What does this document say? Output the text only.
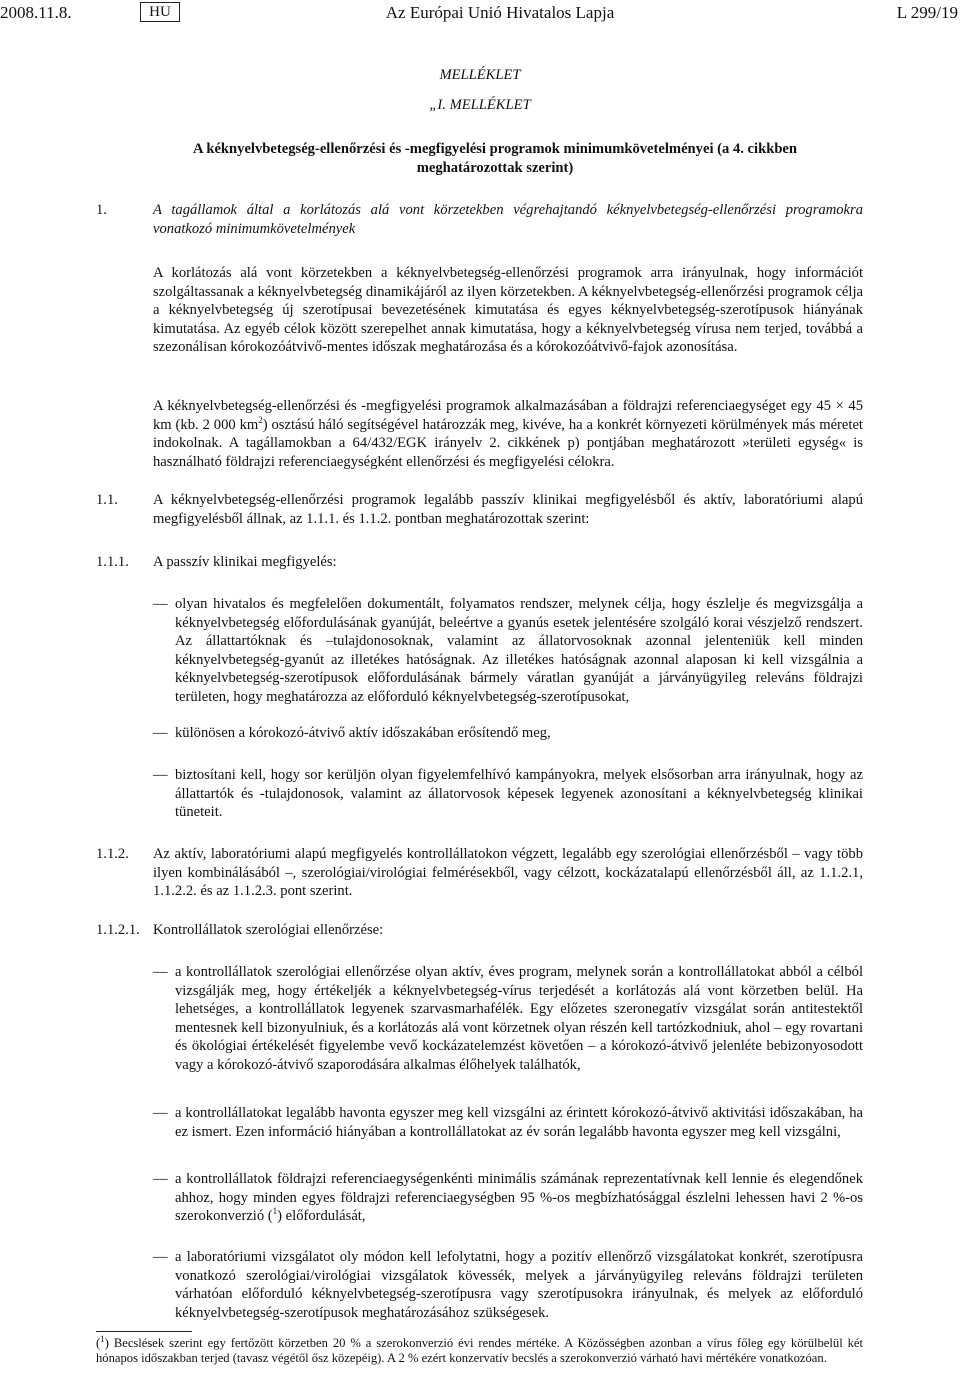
2008.11.8.	HU	Az Európai Unió Hivatalos Lapja	L 299/19
MELLÉKLET
„I. MELLÉKLET
A kéknyelvbetegség-ellenőrzési és -megfigyelési programok minimumkövetelményei (a 4. cikkben meghatározottak szerint)
1.	A tagállamok által a korlátozás alá vont körzetekben végrehajtandó kéknyelvbetegség-ellenőrzési programokra vonatkozó minimumkövetelmények
A korlátozás alá vont körzetekben a kéknyelvbetegség-ellenőrzési programok arra irányulnak, hogy információt szolgáltassanak a kéknyelvbetegség dinamikájáról az ilyen körzetekben. A kéknyelvbetegség-ellenőrzési programok célja a kéknyelvbetegség új szerotípusai bevezetésének kimutatása és egyes kéknyelvbetegség-szerotípusok hiányának kimutatása. Az egyéb célok között szerepelhet annak kimutatása, hogy a kéknyelvbetegség vírusa nem terjed, továbbá a szezonálisan kórokozóátvivő-mentes időszak meghatározása és a kórokozóátvivő-fajok azonosítása.
A kéknyelvbetegség-ellenőrzési és -megfigyelési programok alkalmazásában a földrajzi referenciaegységet egy 45 × 45 km (kb. 2 000 $km^2$) osztású háló segítségével határozzák meg, kivéve, ha a konkrét környezeti körülmények más méretet indokolnak. A tagállamokban a 64/432/EGK irányelv 2. cikkének p) pontjában meghatározott »területi egység« is használható földrajzi referenciaegységként ellenőrzési és megfigyelési célokra.
1.1. A kéknyelvbetegség-ellenőrzési programok legalább passzív klinikai megfigyelésből és aktív, laboratóriumi alapú megfigyelésből állnak, az 1.1.1. és 1.1.2. pontban meghatározottak szerint:
1.1.1. A passzív klinikai megfigyelés:
— olyan hivatalos és megfelelően dokumentált, folyamatos rendszer, melynek célja, hogy észlelje és megvizsgálja a kéknyelvbetegség előfordulásának gyanúját, beleértve a gyanús esetek jelentésére szolgáló korai vészjelző rendszert. Az állattartóknak és –tulajdonosoknak, valamint az állatorvosoknak azonnal jelenteniük kell minden kéknyelvbetegség-gyanút az illetékes hatóságnak. Az illetékes hatóságnak azonnal alaposan ki kell vizsgálnia a kéknyelvbetegség-szerotípusok előfordulásának bármely váratlan gyanúját a járványügyileg releváns földrajzi területen, hogy meghatározza az előforduló kéknyelvbetegség-szerotípusokat,
— különösen a kórokozó-átvivő aktív időszakában erősítendő meg,
— biztosítani kell, hogy sor kerüljön olyan figyelemfelhívó kampányokra, melyek elsősorban arra irányulnak, hogy az állattartók és -tulajdonosok, valamint az állatorvosok képesek legyenek azonosítani a kéknyelvbetegség klinikai tüneteit.
1.1.2. Az aktív, laboratóriumi alapú megfigyelés kontrollállatokon végzett, legalább egy szerológiai ellenőrzésből – vagy több ilyen kombinálásából –, szerológiai/virológiai felmérésekből, vagy célzott, kockázatalapú ellenőrzésből áll, az 1.1.2.1, 1.1.2.2. és az 1.1.2.3. pont szerint.
1.1.2.1. Kontrollállatok szerológiai ellenőrzése:
— a kontrollállatok szerológiai ellenőrzése olyan aktív, éves program, melynek során a kontrollállatokat abból a célból vizsgálják meg, hogy értékeljék a kéknyelvbetegség-vírus terjedését a korlátozás alá vont körzetben belül. Ha lehetséges, a kontrollállatok legyenek szarvasmarhafélék. Egy előzetes szeronegatív vizsgálat során antitestektől mentesnek kell bizonyulniuk, és a korlátozás alá vont körzetnek olyan részén kell tartózkodniuk, ahol – egy rovartani és ökológiai értékelését figyelembe vevő kockázatelemzést követően – a kórokozó-átvivő jelenléte bebizonyosodott vagy a kórokozó-átvivő szaporodására alkalmas élőhelyek találhatók,
— a kontrollállatokat legalább havonta egyszer meg kell vizsgálni az érintett kórokozó-átvivő aktivitási időszakában, ha ez ismert. Ezen információ hiányában a kontrollállatokat az év során legalább havonta egyszer meg kell vizsgálni,
— a kontrollállatok földrajzi referenciaegységenkénti minimális számának reprezentatívnak kell lennie és elegendőnek ahhoz, hogy minden egyes földrajzi referenciaegységben 95 %-os megbízhatósággal észlelni lehessen havi 2 %-os szerokonverzió ($^1$) előfordulását,
— a laboratóriumi vizsgálatot oly módon kell lefolytatni, hogy a pozitív ellenőrző vizsgálatokat konkrét, szerotípusra vonatkozó szerológiai/virológiai vizsgálatok kövessék, melyek a járványügyileg releváns földrajzi területen várhatóan előforduló kéknyelvbetegség-szerotípusra vagy szerotípusokra irányulnak, és melyek az előforduló kéknyelvbetegség-szerotípusok meghatározásához szükségesek.
($^1$) Becslések szerint egy fertőzött körzetben 20 % a szerokonverzió évi rendes mértéke. A Közösségben azonban a vírus főleg egy körülbelül két hónapos időszakban terjed (tavasz végétől ősz közepéig). A 2 % ezért konzervatív becslés a szerokonverzió várható havi mértékére vonatkozóan.
